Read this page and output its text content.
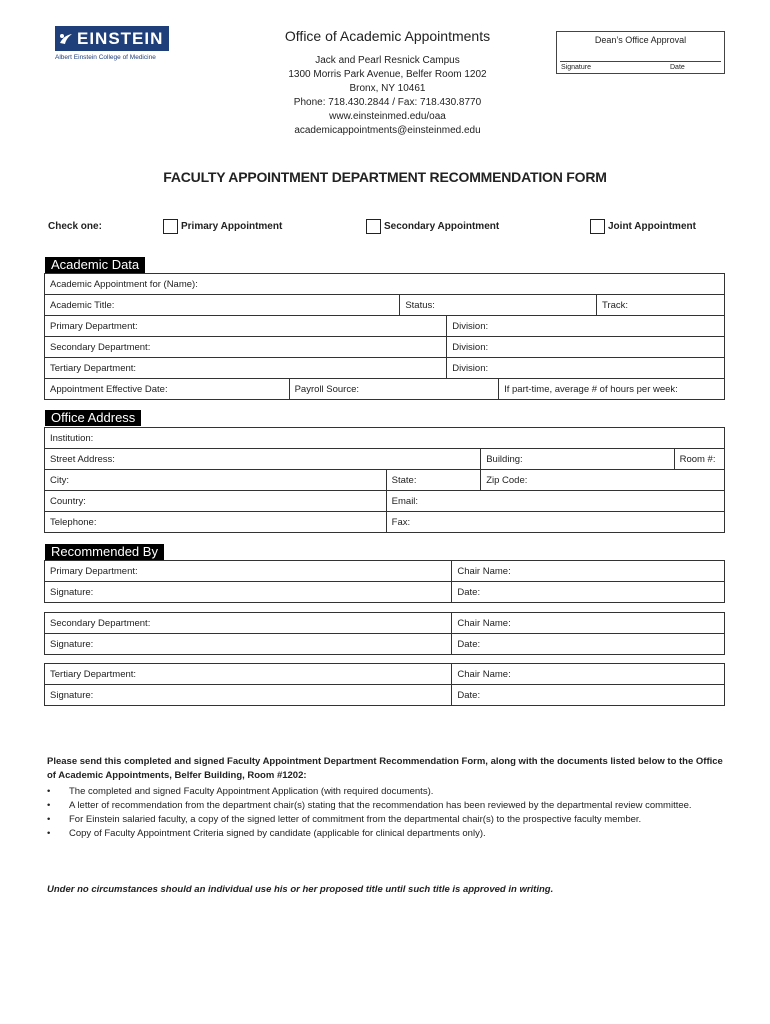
EINSTEIN
Albert Einstein College of Medicine
Office of Academic Appointments
Jack and Pearl Resnick Campus
1300 Morris Park Avenue, Belfer Room 1202
Bronx, NY 10461
Phone: 718.430.2844 / Fax: 718.430.8770
www.einsteinmed.edu/oaa
academicappointments@einsteinmed.edu
Dean’s Office Approval
Signature	Date
FACULTY APPOINTMENT DEPARTMENT RECOMMENDATION FORM
Check one:	Primary Appointment	Secondary Appointment	Joint Appointment
Academic Data
Academic Appointment for (Name):					
Academic Title:		Status:			Track:
Primary Department:			Division:		
Secondary Department:			Division:		
Tertiary Department:			Division:		
Appointment Effective Date:	Payroll Source:			If part-time, average # of hours per week:	
Office Address
Institution:			
Street Address:		Building:	Room #:
City:	State:	Zip Code:	
Country:	Email:		
Telephone:	Fax:		
Recommended By
Primary Department:	Chair Name:
Signature:	Date:
Secondary Department:	Chair Name:
Signature:	Date:
Tertiary Department:	Chair Name:
Signature:	Date:
Please send this completed and signed Faculty Appointment Department Recommendation Form, along with the documents listed below to the Office of Academic Appointments, Belfer Building, Room #1202:
• The completed and signed Faculty Appointment Application (with required documents).
• A letter of recommendation from the department chair(s) stating that the recommendation has been reviewed by the departmental review committee.
• For Einstein salaried faculty, a copy of the signed letter of commitment from the departmental chair(s) to the prospective faculty member.
• Copy of Faculty Appointment Criteria signed by candidate (applicable for clinical departments only).
Under no circumstances should an individual use his or her proposed title until such title is approved in writing.
